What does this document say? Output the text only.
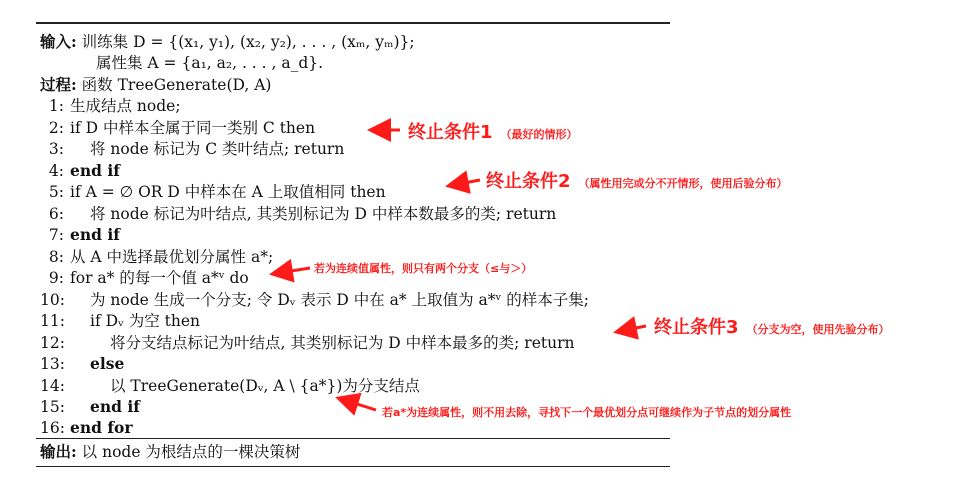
输入: 训练集 D = {(x₁, y₁), (x₂, y₂), . . . , (xₘ, yₘ)};
属性集 A = {a₁, a₂, . . . , a_d}.
过程: 函数 TreeGenerate(D, A)
1: 生成结点 node;
2: if D 中样本全属于同一类别 C then
3: 将 node 标记为 C 类叶结点; return
4: end if
5: if A = ∅ OR D 中样本在 A 上取值相同 then
6: 将 node 标记为叶结点, 其类别标记为 D 中样本数最多的类; return
7: end if
8: 从 A 中选择最优划分属性 a*;
9: for a* 的每一个值 a*ᵛ do
10: 为 node 生成一个分支; 令 Dᵥ 表示 D 中在 a* 上取值为 a*ᵛ 的样本子集;
11: if Dᵥ 为空 then
12:	将分支结点标记为叶结点, 其类别标记为 D 中样本最多的类; return
13: else
14:	以 TreeGenerate(Dᵥ, A \ {a*})为分支结点
15: end if
16: end for
输出: 以 node 为根结点的一棵决策树
终止条件1 （最好的情形）
终止条件2 （属性用完或分不开情形，使用后验分布）
若为连续值属性，则只有两个分支（≤与＞）
终止条件3 （分支为空，使用先验分布）
若a*为连续属性，则不用去除，寻找下一个最优划分点可继续作为子节点的划分属性
